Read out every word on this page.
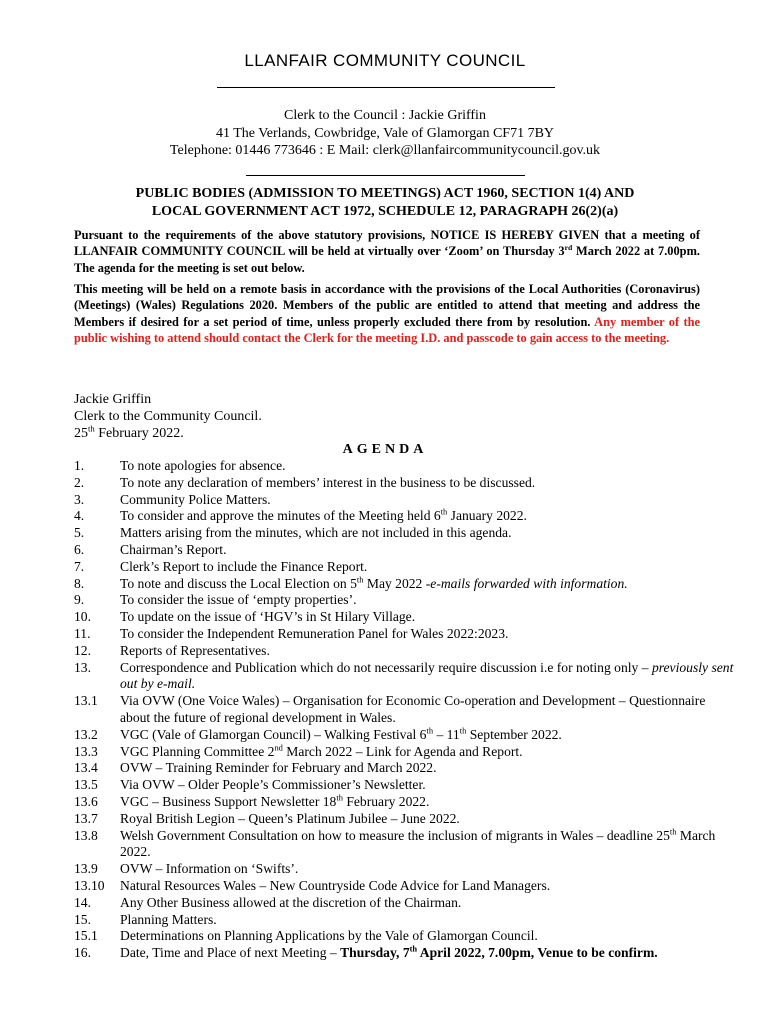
LLANFAIR COMMUNITY COUNCIL
Clerk to the Council : Jackie Griffin
41 The Verlands, Cowbridge, Vale of Glamorgan CF71 7BY
Telephone: 01446 773646 : E Mail: clerk@llanfaircommunitycouncil.gov.uk
PUBLIC BODIES (ADMISSION TO MEETINGS) ACT 1960, SECTION 1(4) AND
LOCAL GOVERNMENT ACT 1972, SCHEDULE 12, PARAGRAPH 26(2)(a)
Pursuant to the requirements of the above statutory provisions, NOTICE IS HEREBY GIVEN that a meeting of LLANFAIR COMMUNITY COUNCIL will be held at virtually over ‘Zoom’ on Thursday 3rd March 2022 at 7.00pm. The agenda for the meeting is set out below.
This meeting will be held on a remote basis in accordance with the provisions of the Local Authorities (Coronavirus) (Meetings) (Wales) Regulations 2020. Members of the public are entitled to attend that meeting and address the Members if desired for a set period of time, unless properly excluded there from by resolution. Any member of the public wishing to attend should contact the Clerk for the meeting I.D. and passcode to gain access to the meeting.
Jackie Griffin
Clerk to the Community Council.
25th February 2022.
AGENDA
1.	To note apologies for absence.
2.	To note any declaration of members’ interest in the business to be discussed.
3.	Community Police Matters.
4.	To consider and approve the minutes of the Meeting held 6th January 2022.
5.	Matters arising from the minutes, which are not included in this agenda.
6.	Chairman’s Report.
7.	Clerk’s Report to include the Finance Report.
8.	To note and discuss the Local Election on 5th May 2022 -e-mails forwarded with information.
9.	To consider the issue of ‘empty properties’.
10. To update on the issue of ‘HGV’s in St Hilary Village.
11. To consider the Independent Remuneration Panel for Wales 2022:2023.
12. Reports of Representatives.
13. Correspondence and Publication which do not necessarily require discussion i.e for noting only – previously sent out by e-mail.
13.1 Via OVW (One Voice Wales) – Organisation for Economic Co-operation and Development – Questionnaire about the future of regional development in Wales.
13.2 VGC (Vale of Glamorgan Council) – Walking Festival 6th – 11th September 2022.
13.3 VGC Planning Committee 2nd March 2022 – Link for Agenda and Report.
13.4 OVW – Training Reminder for February and March 2022.
13.5 Via OVW – Older People’s Commissioner’s Newsletter.
13.6 VGC – Business Support Newsletter 18th February 2022.
13.7 Royal British Legion – Queen’s Platinum Jubilee – June 2022.
13.8 Welsh Government Consultation on how to measure the inclusion of migrants in Wales – deadline 25th March 2022.
13.9 OVW – Information on ‘Swifts’.
13.10 Natural Resources Wales – New Countryside Code Advice for Land Managers.
14. Any Other Business allowed at the discretion of the Chairman.
15. Planning Matters.
15.1 Determinations on Planning Applications by the Vale of Glamorgan Council.
16. Date, Time and Place of next Meeting – Thursday, 7th April 2022, 7.00pm, Venue to be confirm.
